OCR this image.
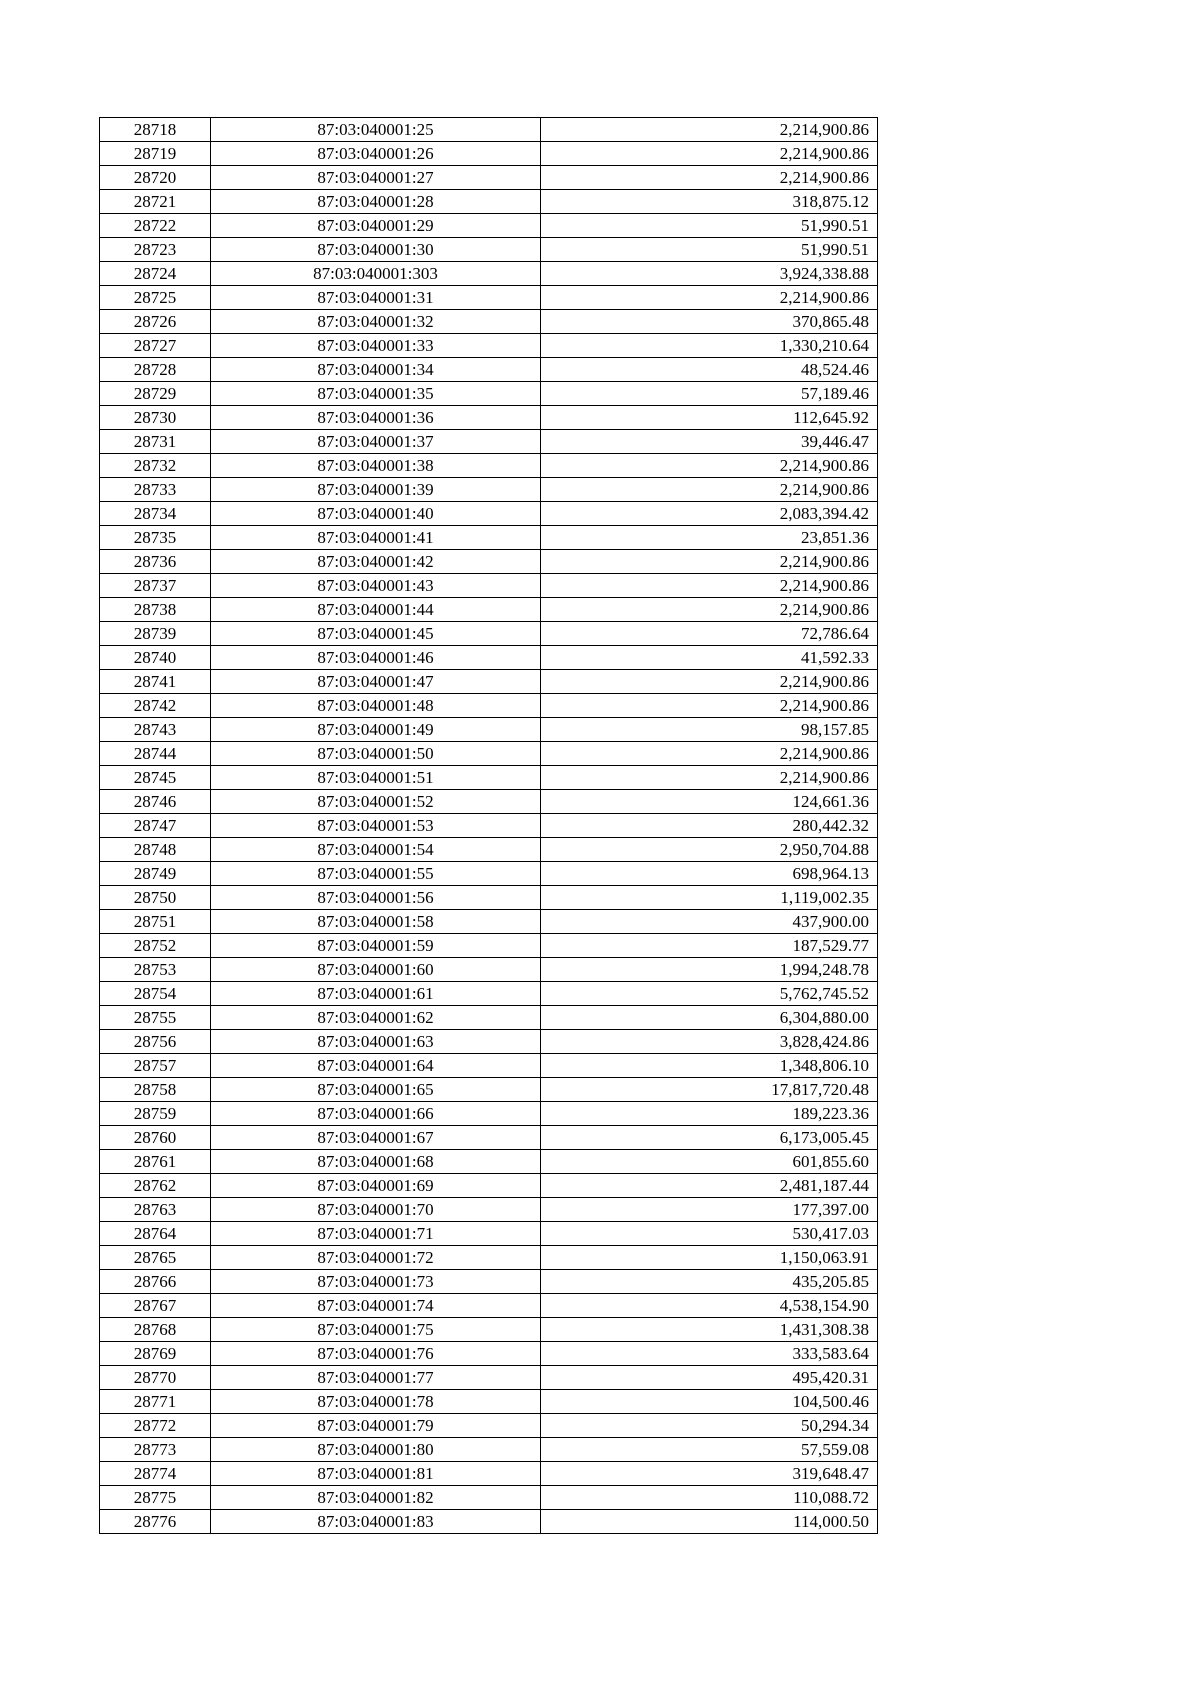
28718	87:03:040001:25	2,214,900.86
28719	87:03:040001:26	2,214,900.86
28720	87:03:040001:27	2,214,900.86
28721	87:03:040001:28	318,875.12
28722	87:03:040001:29	51,990.51
28723	87:03:040001:30	51,990.51
28724	87:03:040001:303	3,924,338.88
28725	87:03:040001:31	2,214,900.86
28726	87:03:040001:32	370,865.48
28727	87:03:040001:33	1,330,210.64
28728	87:03:040001:34	48,524.46
28729	87:03:040001:35	57,189.46
28730	87:03:040001:36	112,645.92
28731	87:03:040001:37	39,446.47
28732	87:03:040001:38	2,214,900.86
28733	87:03:040001:39	2,214,900.86
28734	87:03:040001:40	2,083,394.42
28735	87:03:040001:41	23,851.36
28736	87:03:040001:42	2,214,900.86
28737	87:03:040001:43	2,214,900.86
28738	87:03:040001:44	2,214,900.86
28739	87:03:040001:45	72,786.64
28740	87:03:040001:46	41,592.33
28741	87:03:040001:47	2,214,900.86
28742	87:03:040001:48	2,214,900.86
28743	87:03:040001:49	98,157.85
28744	87:03:040001:50	2,214,900.86
28745	87:03:040001:51	2,214,900.86
28746	87:03:040001:52	124,661.36
28747	87:03:040001:53	280,442.32
28748	87:03:040001:54	2,950,704.88
28749	87:03:040001:55	698,964.13
28750	87:03:040001:56	1,119,002.35
28751	87:03:040001:58	437,900.00
28752	87:03:040001:59	187,529.77
28753	87:03:040001:60	1,994,248.78
28754	87:03:040001:61	5,762,745.52
28755	87:03:040001:62	6,304,880.00
28756	87:03:040001:63	3,828,424.86
28757	87:03:040001:64	1,348,806.10
28758	87:03:040001:65	17,817,720.48
28759	87:03:040001:66	189,223.36
28760	87:03:040001:67	6,173,005.45
28761	87:03:040001:68	601,855.60
28762	87:03:040001:69	2,481,187.44
28763	87:03:040001:70	177,397.00
28764	87:03:040001:71	530,417.03
28765	87:03:040001:72	1,150,063.91
28766	87:03:040001:73	435,205.85
28767	87:03:040001:74	4,538,154.90
28768	87:03:040001:75	1,431,308.38
28769	87:03:040001:76	333,583.64
28770	87:03:040001:77	495,420.31
28771	87:03:040001:78	104,500.46
28772	87:03:040001:79	50,294.34
28773	87:03:040001:80	57,559.08
28774	87:03:040001:81	319,648.47
28775	87:03:040001:82	110,088.72
28776	87:03:040001:83	114,000.50
